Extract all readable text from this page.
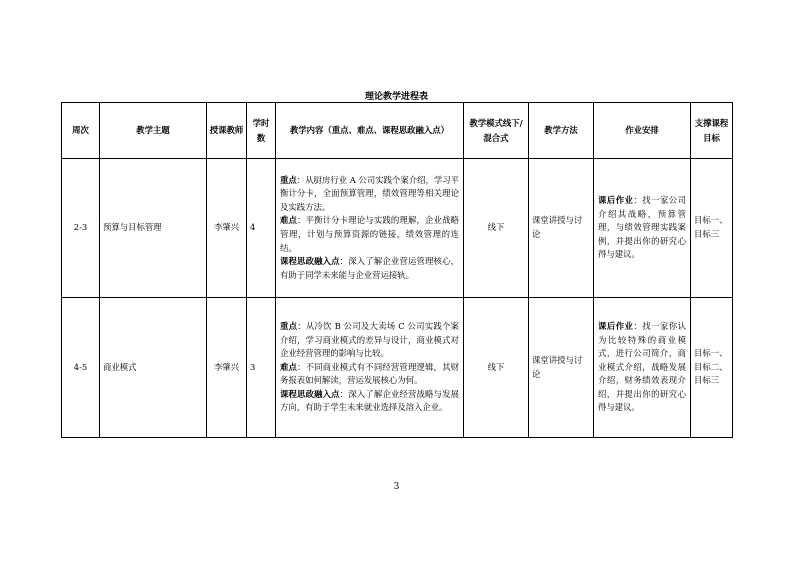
理论教学进程表
周次	教学主题	授课教师	学时数	教学内容（重点、难点、课程思政融入点）	教学模式线下/混合式	教学方法	作业安排	支撑课程目标
2-3	预算与目标管理	李肇兴	4	重点：从厨房行业 A 公司实践个案介绍，学习平衡计分卡，全面预算管理，绩效管理等相关理论及实践方法。
难点：平衡计分卡理论与实践的理解，企业战略管理，计划与预算资源的链接，绩效管理的连结。
课程思政融入点：深入了解企业营运管理核心，有助于同学未来能与企业营运接轨。	线下	课堂讲授与讨论	课后作业：找一家公司介绍其战略，预算管理，与绩效管理实践案例，并提出你的研究心得与建议。	目标一、目标三
4-5	商业模式	李肇兴	3	重点：从冷饮 B 公司及大卖场 C 公司实践个案介绍，学习商业模式的差异与设计，商业模式对企业经营管理的影响与比较。
难点：不同商业模式有不同经营管理逻辑，其财务报表如何解读，营运发展核心为何。
课程思政融入点：深入了解企业经营战略与发展方向，有助于学生未来就业选择及溶入企业。	线下	课堂讲授与讨论	课后作业：找一家你认为比较特殊的商业模式，进行公司简介，商业模式介绍，战略发展介绍，财务绩效表现介绍，并提出你的研究心得与建议。	目标一、目标二、目标三
3
